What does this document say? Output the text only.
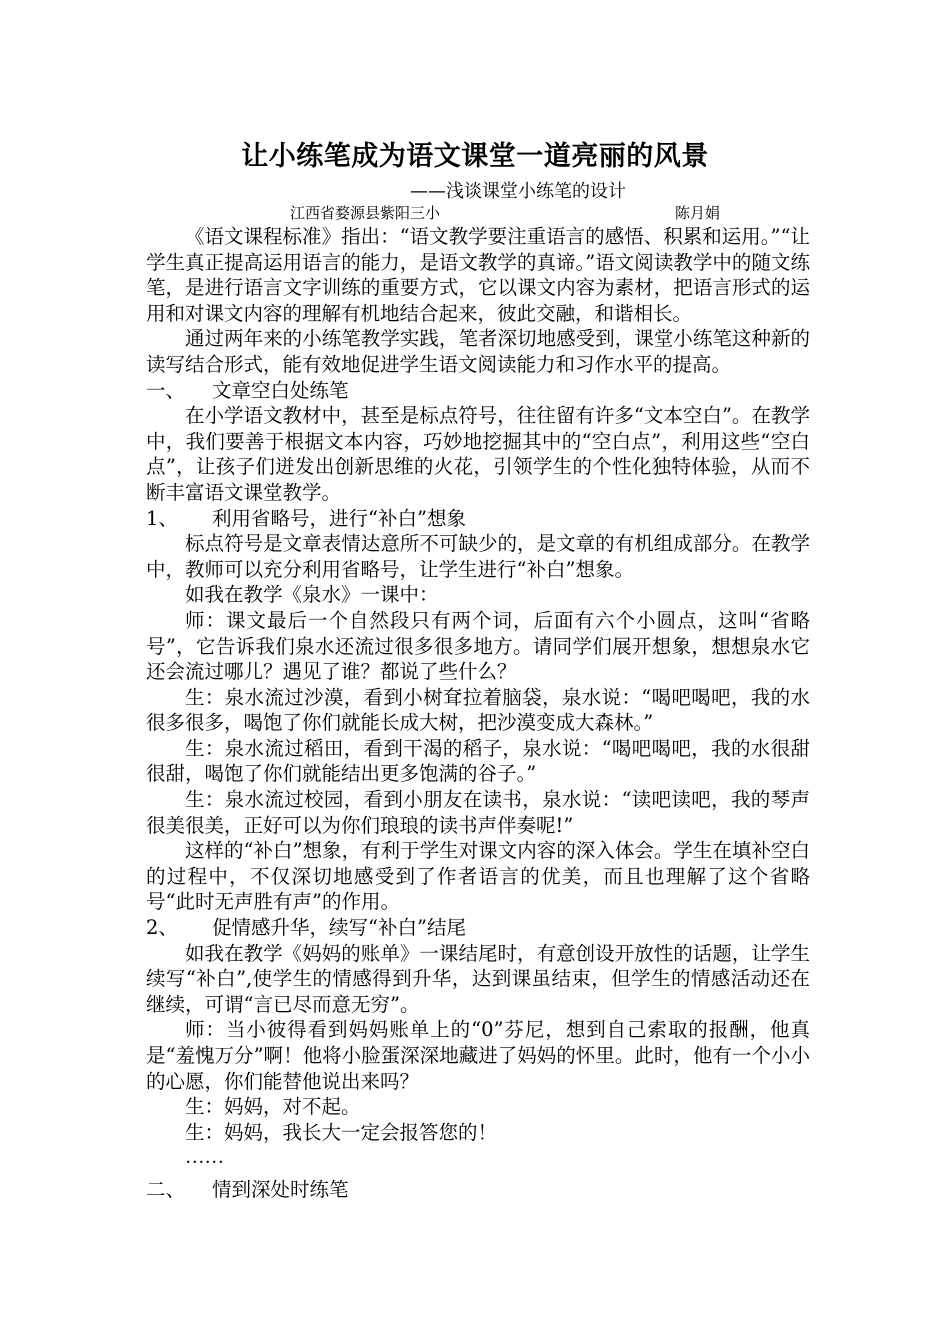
让小练笔成为语文课堂一道亮丽的风景
——浅谈课堂小练笔的设计
江西省婺源县紫阳三小	陈月娟

《语文课程标准》指出：“语文教学要注重语言的感悟、积累和运用。”“让学生真正提高运用语言的能力，是语文教学的真谛。”语文阅读教学中的随文练笔，是进行语言文字训练的重要方式，它以课文内容为素材，把语言形式的运用和对课文内容的理解有机地结合起来，彼此交融，和谐相长。

通过两年来的小练笔教学实践，笔者深切地感受到，课堂小练笔这种新的读写结合形式，能有效地促进学生语文阅读能力和习作水平的提高。

一、 文章空白处练笔

在小学语文教材中，甚至是标点符号，往往留有许多“文本空白”。在教学中，我们要善于根据文本内容，巧妙地挖掘其中的“空白点”，利用这些“空白点”，让孩子们迸发出创新思维的火花，引领学生的个性化独特体验，从而不断丰富语文课堂教学。

1、 利用省略号，进行“补白”想象

标点符号是文章表情达意所不可缺少的，是文章的有机组成部分。在教学中，教师可以充分利用省略号，让学生进行“补白”想象。

如我在教学《泉水》一课中：

师：课文最后一个自然段只有两个词，后面有六个小圆点，这叫“省略号”，它告诉我们泉水还流过很多很多地方。请同学们展开想象，想想泉水它还会流过哪儿？遇见了谁？都说了些什么？

生：泉水流过沙漠，看到小树耷拉着脑袋，泉水说：“喝吧喝吧，我的水很多很多，喝饱了你们就能长成大树，把沙漠变成大森林。”

生：泉水流过稻田，看到干渴的稻子，泉水说：“喝吧喝吧，我的水很甜很甜，喝饱了你们就能结出更多饱满的谷子。”

生：泉水流过校园，看到小朋友在读书，泉水说：“读吧读吧，我的琴声很美很美，正好可以为你们琅琅的读书声伴奏呢!”

这样的“补白”想象，有利于学生对课文内容的深入体会。学生在填补空白的过程中，不仅深切地感受到了作者语言的优美，而且也理解了这个省略号“此时无声胜有声”的作用。

2、 促情感升华，续写“补白”结尾

如我在教学《妈妈的账单》一课结尾时，有意创设开放性的话题，让学生续写“补白”,使学生的情感得到升华，达到课虽结束，但学生的情感活动还在继续，可谓“言已尽而意无穷”。

师：当小彼得看到妈妈账单上的“0”芬尼，想到自己索取的报酬，他真是“羞愧万分”啊！他将小脸蛋深深地藏进了妈妈的怀里。此时，他有一个小小的心愿，你们能替他说出来吗？

生：妈妈，对不起。

生：妈妈，我长大一定会报答您的！

……

二、 情到深处时练笔
